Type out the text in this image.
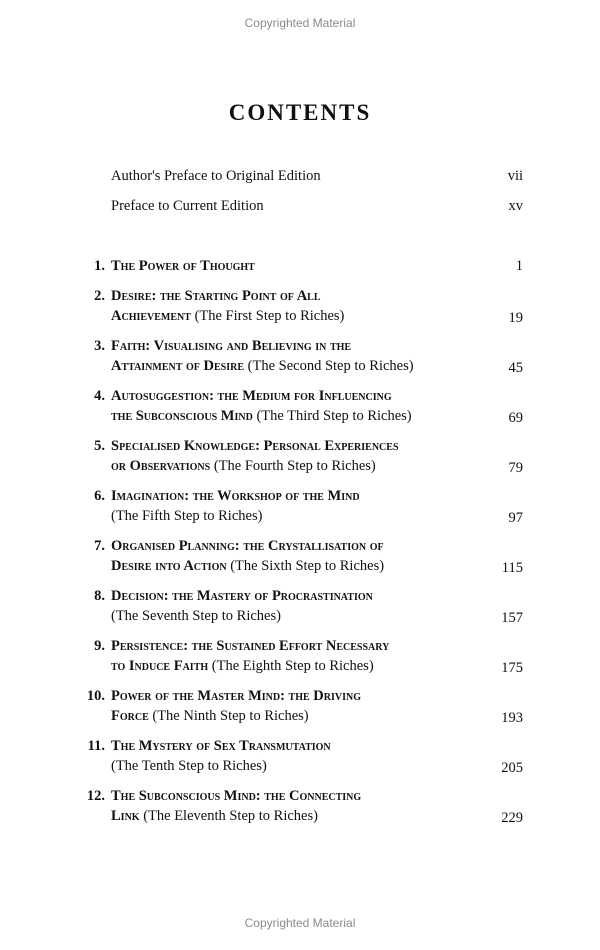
Copyrighted Material
CONTENTS
Author's Preface to Original Edition	vii
Preface to Current Edition	xv
1. The Power of Thought	1
2. Desire: the Starting Point of All
Achievement (The First Step to Riches)	19
3. Faith: Visualising and Believing in the
Attainment of Desire (The Second Step to Riches)	45
4. Autosuggestion: the Medium for Influencing
the Subconscious Mind (The Third Step to Riches)	69
5. Specialised Knowledge: Personal Experiences
or Observations (The Fourth Step to Riches)	79
6. Imagination: the Workshop of the Mind
(The Fifth Step to Riches)	97
7. Organised Planning: the Crystallisation of
Desire into Action (The Sixth Step to Riches)	115
8. Decision: the Mastery of Procrastination
(The Seventh Step to Riches)	157
9. Persistence: the Sustained Effort Necessary
to Induce Faith (The Eighth Step to Riches)	175
10. Power of the Master Mind: the Driving
Force (The Ninth Step to Riches)	193
11. The Mystery of Sex Transmutation
(The Tenth Step to Riches)	205
12. The Subconscious Mind: the Connecting
Link (The Eleventh Step to Riches)	229
Copyrighted Material
